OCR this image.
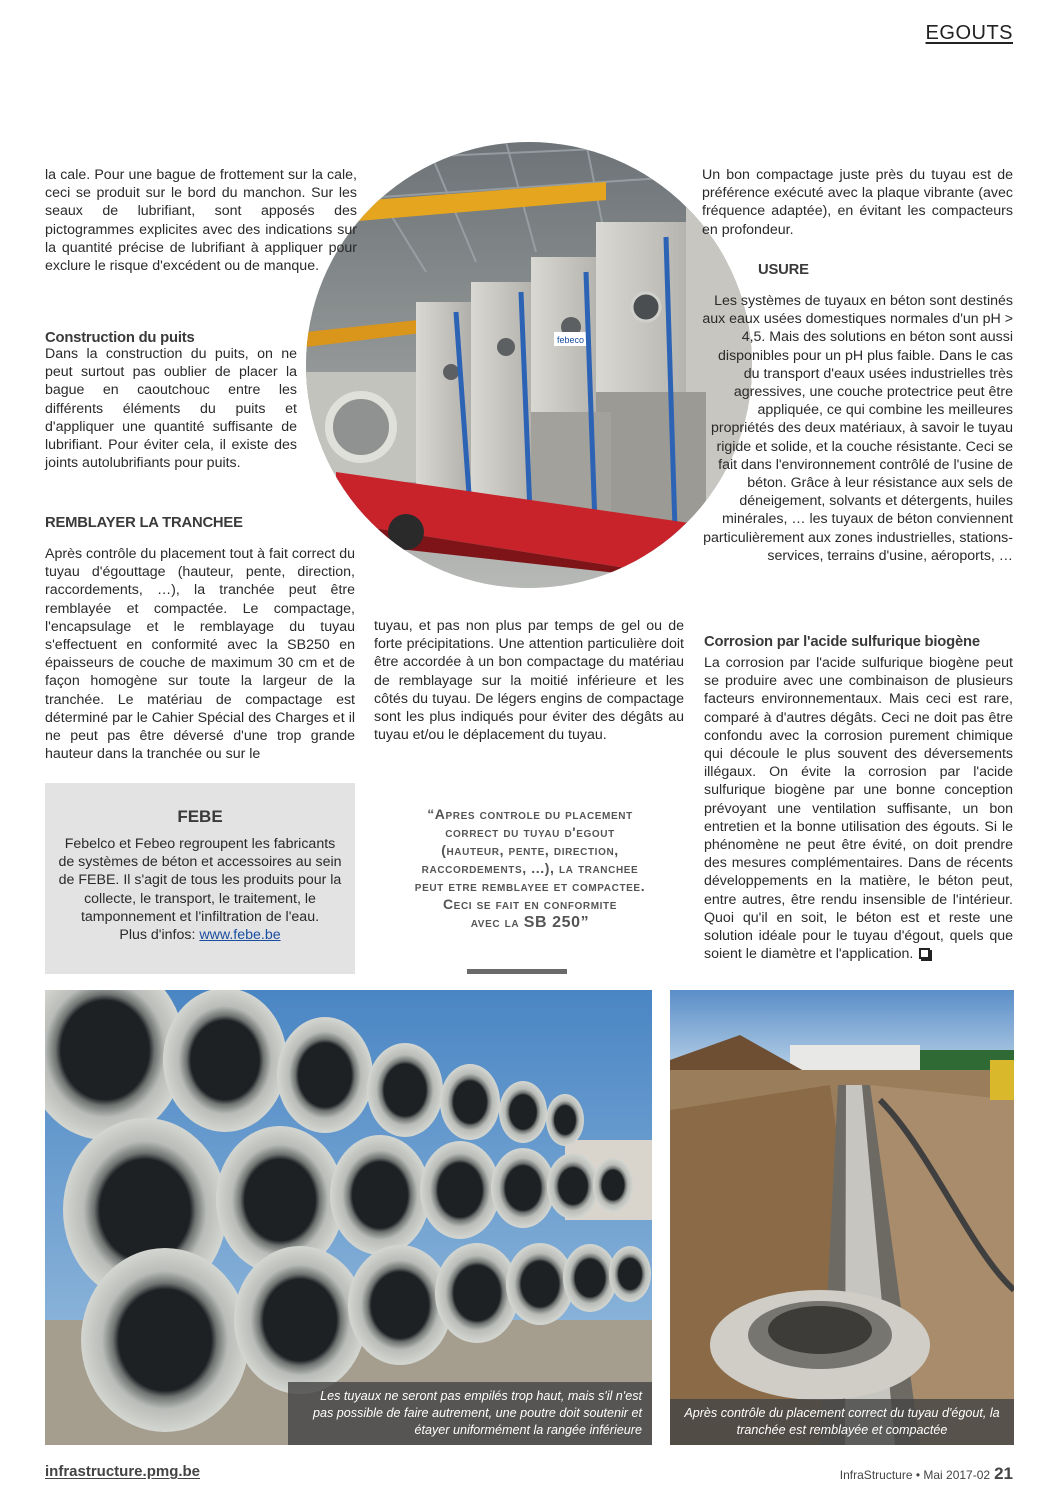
EGOUTS
febeco

la cale. Pour une bague de frottement sur la cale, ceci se produit sur le bord du manchon. Sur les seaux de lubrifiant, sont apposés des pictogrammes explicites avec des indications sur la quantité précise de lubrifiant à appliquer pour exclure le risque d'excédent ou de manque.

Construction du puits

Dans la construction du puits, on ne peut surtout pas oublier de placer la bague en caoutchouc entre les différents éléments du puits et d'appliquer une quantité suffisante de lubrifiant. Pour éviter cela, il existe des joints autolubrifiants pour puits.

REMBLAYER LA TRANCHEE

Après contrôle du placement tout à fait correct du tuyau d'égouttage (hauteur, pente, direction, raccordements, …), la tranchée peut être remblayée et compactée. Le compactage, l'encapsulage et le remblayage du tuyau s'effectuent en conformité avec la SB250 en épaisseurs de couche de maximum 30 cm et de façon homogène sur toute la largeur de la tranchée. Le matériau de compactage est déterminé par le Cahier Spécial des Charges et il ne peut pas être déversé d'une trop grande hauteur dans la tranchée ou sur le

tuyau, et pas non plus par temps de gel ou de forte précipitations. Une attention particulière doit être accordée à un bon compactage du matériau de remblayage sur la moitié inférieure et les côtés du tuyau. De légers engins de compactage sont les plus indiqués pour éviter des dégâts au tuyau et/ou le déplacement du tuyau.

Un bon compactage juste près du tuyau est de préférence exécuté avec la plaque vibrante (avec fréquence adaptée), en évitant les compacteurs en profondeur.

USURE

Les systèmes de tuyaux en béton sont destinés aux eaux usées domestiques normales d'un pH > 4,5. Mais des solutions en béton sont aussi disponibles pour un pH plus faible. Dans le cas du transport d'eaux usées industrielles très agressives, une couche protectrice peut être appliquée, ce qui combine les meilleures propriétés des deux matériaux, à savoir le tuyau rigide et solide, et la couche résistante. Ceci se fait dans l'environnement contrôlé de l'usine de béton. Grâce à leur résistance aux sels de déneigement, solvants et détergents, huiles minérales, … les tuyaux de béton conviennent particulièrement aux zones industrielles, stations-services, terrains d'usine, aéroports, …

Corrosion par l'acide sulfurique biogène

La corrosion par l'acide sulfurique biogène peut se produire avec une combinaison de plusieurs facteurs environnementaux. Mais ceci est rare, comparé à d'autres dégâts. Ceci ne doit pas être confondu avec la corrosion purement chimique qui découle le plus souvent des déversements illégaux. On évite la corrosion par l'acide sulfurique biogène par une bonne conception prévoyant une ventilation suffisante, un bon entretien et la bonne utilisation des égouts. Si le phénomène ne peut être évité, on doit prendre des mesures complémentaires. Dans de récents développements en la matière, le béton peut, entre autres, être rendu insensible de l'intérieur. Quoi qu'il en soit, le béton est et reste une solution idéale pour le tuyau d'égout, quels que soient le diamètre et l'application.

FEBE
Febelco et Febeo regroupent les fabricants de systèmes de béton et accessoires au sein de FEBE. Il s'agit de tous les produits pour la collecte, le transport, le traitement, le tamponnement et l'infiltration de l'eau.
Plus d'infos: www.febe.be
“Apres controle du placement
correct du tuyau d'egout
(hauteur, pente, direction,
raccordements, ...), la tranchee
peut etre remblayee et compactee.
Ceci se fait en conformite
avec la SB 250”
Les tuyaux ne seront pas empilés trop haut, mais s'il n'est pas possible de faire autrement, une poutre doit soutenir et étayer uniformément la rangée inférieure
Après contrôle du placement correct du tuyau d'égout, la tranchée est remblayée et compactée
infrastructure.pmg.be	InfraStructure • Mai 2017-02 21
